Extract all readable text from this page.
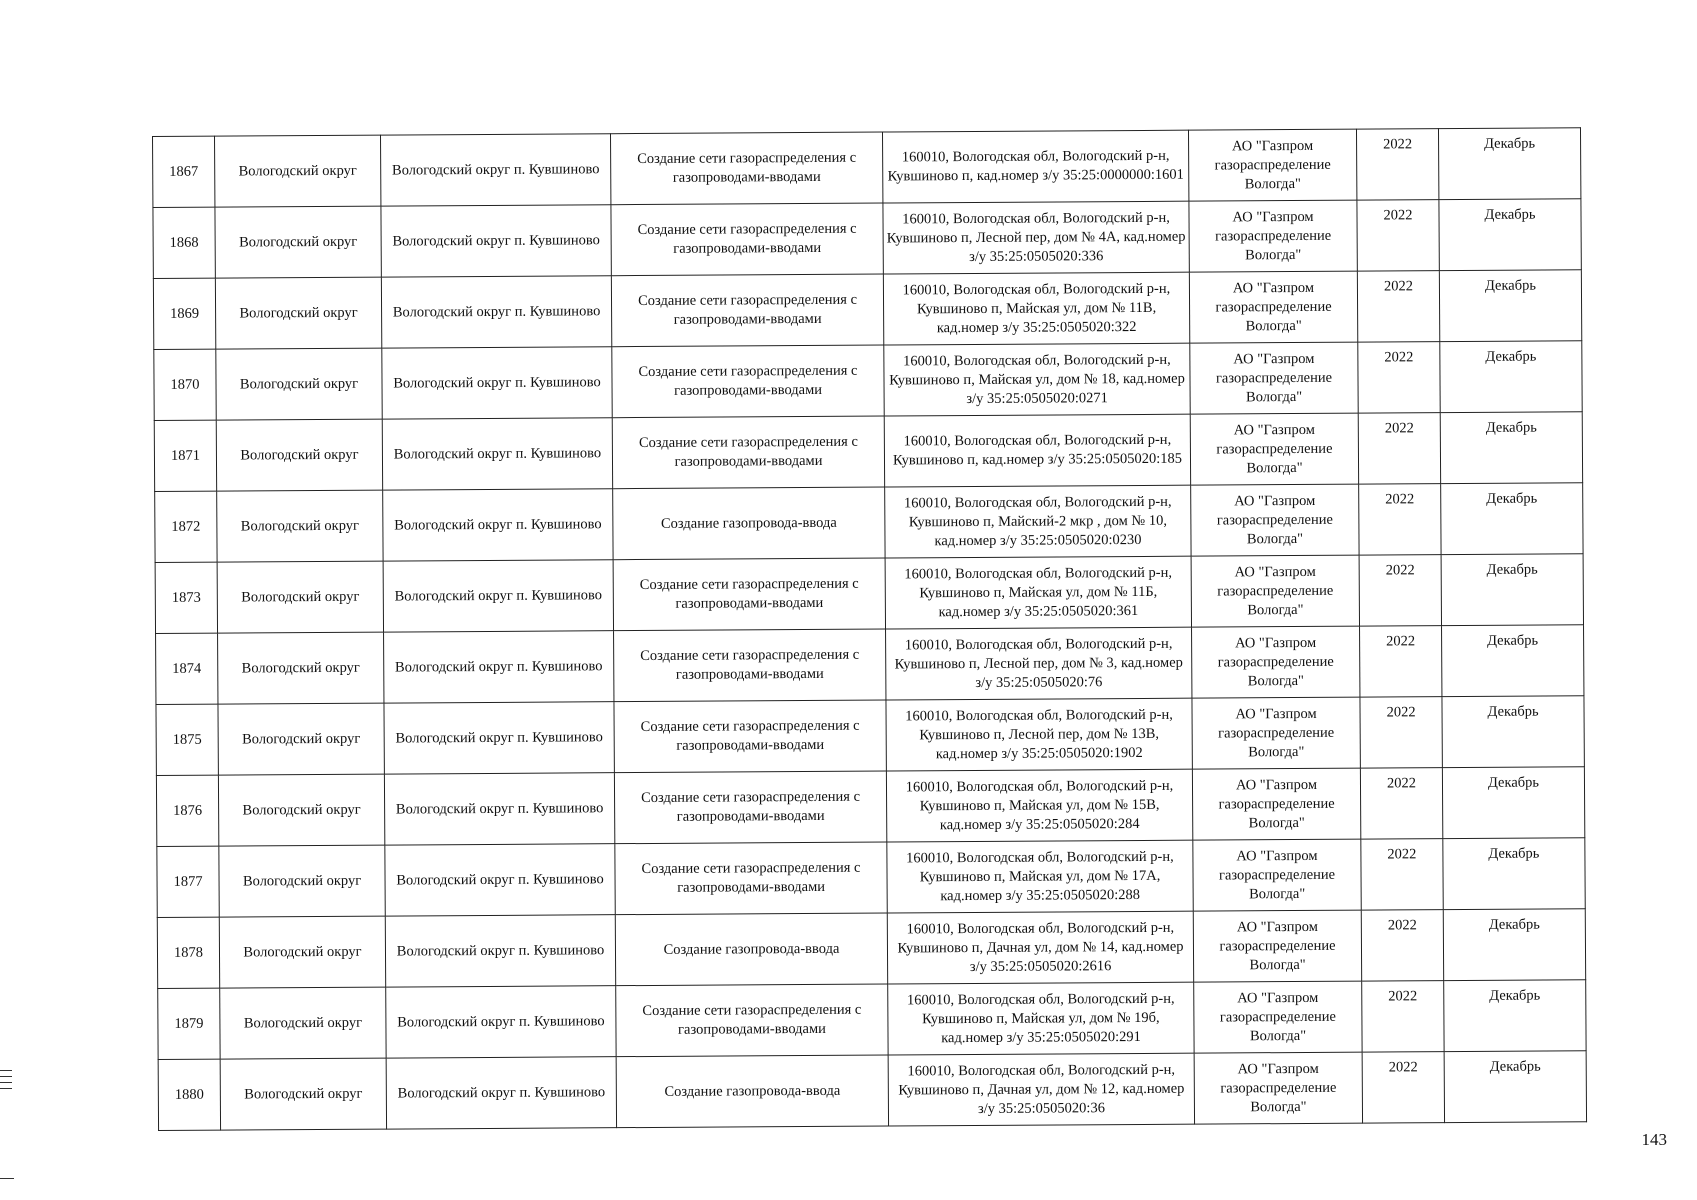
1867	Вологодский округ	Вологодский округ п. Кувшиново	Создание сети газораспределения с газопроводами-вводами	160010, Вологодская обл, Вологодский р-н, Кувшиново п, кад.номер з/у 35:25:0000000:1601	АО "Газпром газораспределение Вологда"	2022	Декабрь
1868	Вологодский округ	Вологодский округ п. Кувшиново	Создание сети газораспределения с газопроводами-вводами	160010, Вологодская обл, Вологодский р-н, Кувшиново п, Лесной пер, дом № 4А, кад.номер з/у 35:25:0505020:336	АО "Газпром газораспределение Вологда"	2022	Декабрь
1869	Вологодский округ	Вологодский округ п. Кувшиново	Создание сети газораспределения с газопроводами-вводами	160010, Вологодская обл, Вологодский р-н, Кувшиново п, Майская ул, дом № 11В, кад.номер з/у 35:25:0505020:322	АО "Газпром газораспределение Вологда"	2022	Декабрь
1870	Вологодский округ	Вологодский округ п. Кувшиново	Создание сети газораспределения с газопроводами-вводами	160010, Вологодская обл, Вологодский р-н, Кувшиново п, Майская ул, дом № 18, кад.номер з/у 35:25:0505020:0271	АО "Газпром газораспределение Вологда"	2022	Декабрь
1871	Вологодский округ	Вологодский округ п. Кувшиново	Создание сети газораспределения с газопроводами-вводами	160010, Вологодская обл, Вологодский р-н, Кувшиново п, кад.номер з/у 35:25:0505020:185	АО "Газпром газораспределение Вологда"	2022	Декабрь
1872	Вологодский округ	Вологодский округ п. Кувшиново	Создание газопровода-ввода	160010, Вологодская обл, Вологодский р-н, Кувшиново п, Майский-2 мкр , дом № 10, кад.номер з/у 35:25:0505020:0230	АО "Газпром газораспределение Вологда"	2022	Декабрь
1873	Вологодский округ	Вологодский округ п. Кувшиново	Создание сети газораспределения с газопроводами-вводами	160010, Вологодская обл, Вологодский р-н, Кувшиново п, Майская ул, дом № 11Б, кад.номер з/у 35:25:0505020:361	АО "Газпром газораспределение Вологда"	2022	Декабрь
1874	Вологодский округ	Вологодский округ п. Кувшиново	Создание сети газораспределения с газопроводами-вводами	160010, Вологодская обл, Вологодский р-н, Кувшиново п, Лесной пер, дом № 3, кад.номер з/у 35:25:0505020:76	АО "Газпром газораспределение Вологда"	2022	Декабрь
1875	Вологодский округ	Вологодский округ п. Кувшиново	Создание сети газораспределения с газопроводами-вводами	160010, Вологодская обл, Вологодский р-н, Кувшиново п, Лесной пер, дом № 13В, кад.номер з/у 35:25:0505020:1902	АО "Газпром газораспределение Вологда"	2022	Декабрь
1876	Вологодский округ	Вологодский округ п. Кувшиново	Создание сети газораспределения с газопроводами-вводами	160010, Вологодская обл, Вологодский р-н, Кувшиново п, Майская ул, дом № 15В, кад.номер з/у 35:25:0505020:284	АО "Газпром газораспределение Вологда"	2022	Декабрь
1877	Вологодский округ	Вологодский округ п. Кувшиново	Создание сети газораспределения с газопроводами-вводами	160010, Вологодская обл, Вологодский р-н, Кувшиново п, Майская ул, дом № 17А, кад.номер з/у 35:25:0505020:288	АО "Газпром газораспределение Вологда"	2022	Декабрь
1878	Вологодский округ	Вологодский округ п. Кувшиново	Создание газопровода-ввода	160010, Вологодская обл, Вологодский р-н, Кувшиново п, Дачная ул, дом № 14, кад.номер з/у 35:25:0505020:2616	АО "Газпром газораспределение Вологда"	2022	Декабрь
1879	Вологодский округ	Вологодский округ п. Кувшиново	Создание сети газораспределения с газопроводами-вводами	160010, Вологодская обл, Вологодский р-н, Кувшиново п, Майская ул, дом № 19б, кад.номер з/у 35:25:0505020:291	АО "Газпром газораспределение Вологда"	2022	Декабрь
1880	Вологодский округ	Вологодский округ п. Кувшиново	Создание газопровода-ввода	160010, Вологодская обл, Вологодский р-н, Кувшиново п, Дачная ул, дом № 12, кад.номер з/у 35:25:0505020:36	АО "Газпром газораспределение Вологда"	2022	Декабрь
143
